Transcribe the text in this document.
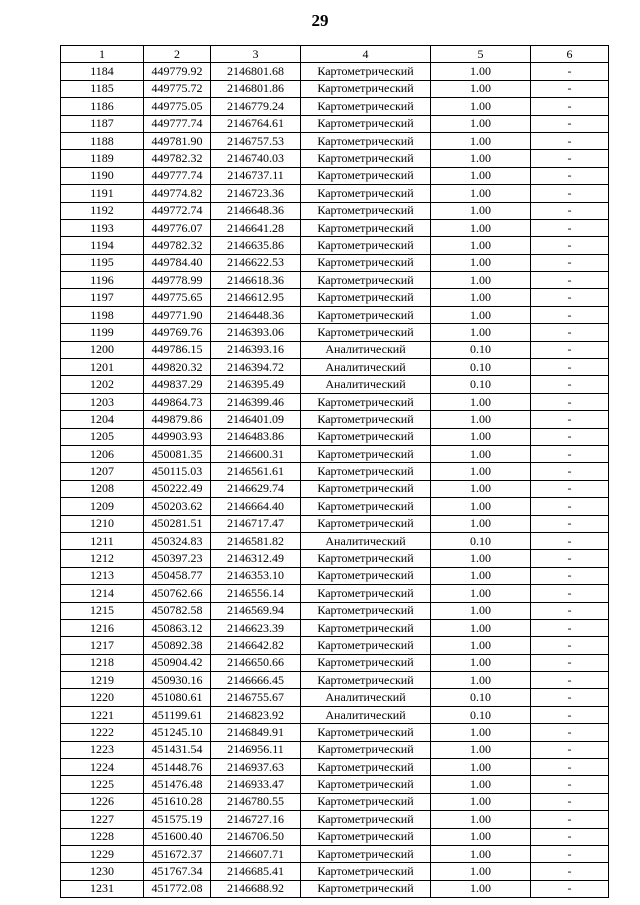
29
1	2	3	4	5	6
1184	449779.92	2146801.68	Картометрический	1.00	-
1185	449775.72	2146801.86	Картометрический	1.00	-
1186	449775.05	2146779.24	Картометрический	1.00	-
1187	449777.74	2146764.61	Картометрический	1.00	-
1188	449781.90	2146757.53	Картометрический	1.00	-
1189	449782.32	2146740.03	Картометрический	1.00	-
1190	449777.74	2146737.11	Картометрический	1.00	-
1191	449774.82	2146723.36	Картометрический	1.00	-
1192	449772.74	2146648.36	Картометрический	1.00	-
1193	449776.07	2146641.28	Картометрический	1.00	-
1194	449782.32	2146635.86	Картометрический	1.00	-
1195	449784.40	2146622.53	Картометрический	1.00	-
1196	449778.99	2146618.36	Картометрический	1.00	-
1197	449775.65	2146612.95	Картометрический	1.00	-
1198	449771.90	2146448.36	Картометрический	1.00	-
1199	449769.76	2146393.06	Картометрический	1.00	-
1200	449786.15	2146393.16	Аналитический	0.10	-
1201	449820.32	2146394.72	Аналитический	0.10	-
1202	449837.29	2146395.49	Аналитический	0.10	-
1203	449864.73	2146399.46	Картометрический	1.00	-
1204	449879.86	2146401.09	Картометрический	1.00	-
1205	449903.93	2146483.86	Картометрический	1.00	-
1206	450081.35	2146600.31	Картометрический	1.00	-
1207	450115.03	2146561.61	Картометрический	1.00	-
1208	450222.49	2146629.74	Картометрический	1.00	-
1209	450203.62	2146664.40	Картометрический	1.00	-
1210	450281.51	2146717.47	Картометрический	1.00	-
1211	450324.83	2146581.82	Аналитический	0.10	-
1212	450397.23	2146312.49	Картометрический	1.00	-
1213	450458.77	2146353.10	Картометрический	1.00	-
1214	450762.66	2146556.14	Картометрический	1.00	-
1215	450782.58	2146569.94	Картометрический	1.00	-
1216	450863.12	2146623.39	Картометрический	1.00	-
1217	450892.38	2146642.82	Картометрический	1.00	-
1218	450904.42	2146650.66	Картометрический	1.00	-
1219	450930.16	2146666.45	Картометрический	1.00	-
1220	451080.61	2146755.67	Аналитический	0.10	-
1221	451199.61	2146823.92	Аналитический	0.10	-
1222	451245.10	2146849.91	Картометрический	1.00	-
1223	451431.54	2146956.11	Картометрический	1.00	-
1224	451448.76	2146937.63	Картометрический	1.00	-
1225	451476.48	2146933.47	Картометрический	1.00	-
1226	451610.28	2146780.55	Картометрический	1.00	-
1227	451575.19	2146727.16	Картометрический	1.00	-
1228	451600.40	2146706.50	Картометрический	1.00	-
1229	451672.37	2146607.71	Картометрический	1.00	-
1230	451767.34	2146685.41	Картометрический	1.00	-
1231	451772.08	2146688.92	Картометрический	1.00	-
